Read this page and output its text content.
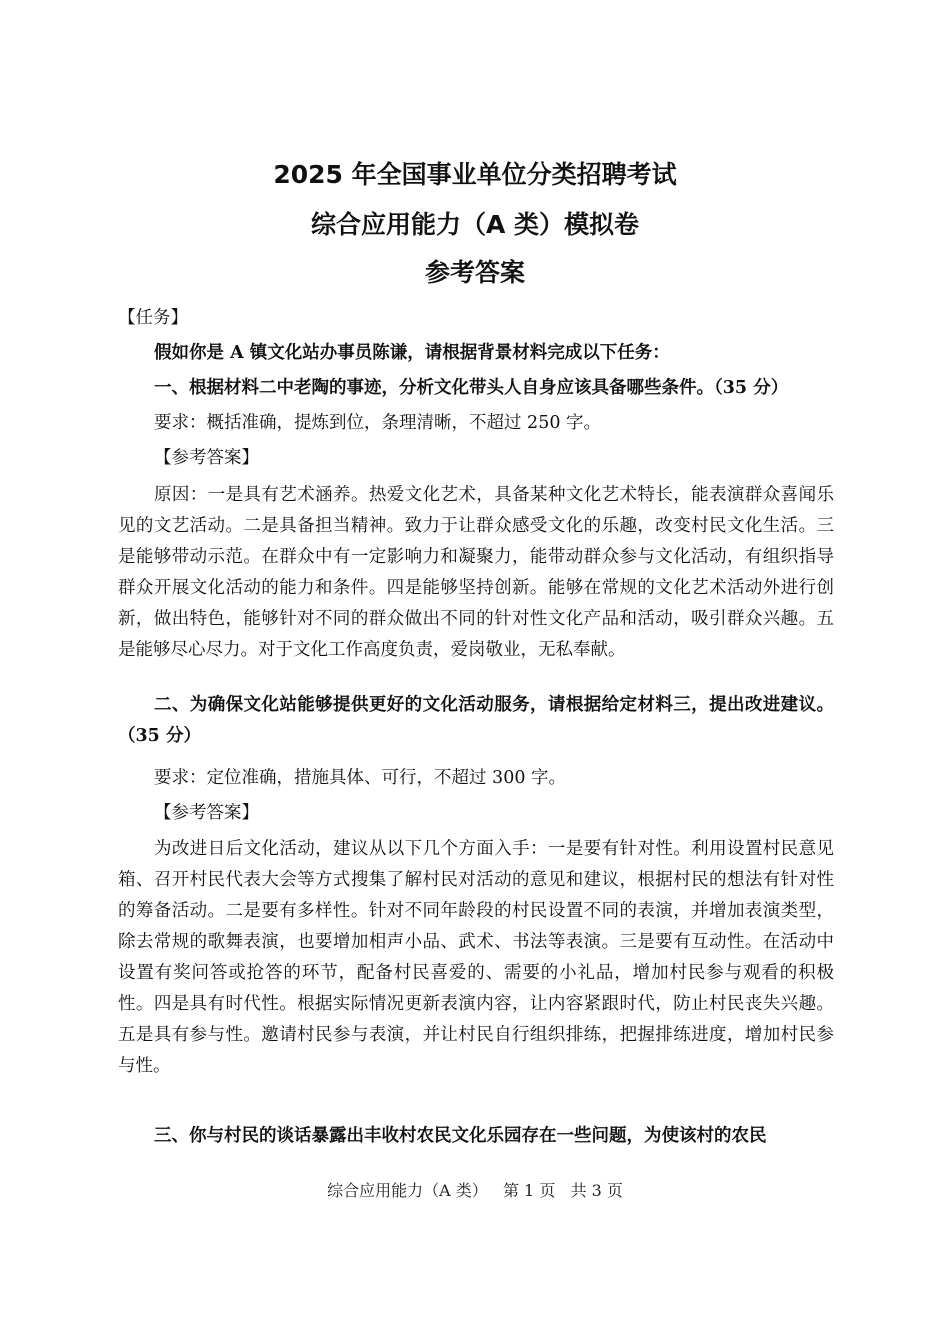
2025 年全国事业单位分类招聘考试
综合应用能力（A 类）模拟卷
参考答案
【任务】
假如你是 A 镇文化站办事员陈谦，请根据背景材料完成以下任务：
一、根据材料二中老陶的事迹，分析文化带头人自身应该具备哪些条件。（35 分）
要求：概括准确，提炼到位，条理清晰，不超过 250 字。
【参考答案】
原因：一是具有艺术涵养。热爱文化艺术，具备某种文化艺术特长，能表演群众喜闻乐见的文艺活动。二是具备担当精神。致力于让群众感受文化的乐趣，改变村民文化生活。三是能够带动示范。在群众中有一定影响力和凝聚力，能带动群众参与文化活动，有组织指导群众开展文化活动的能力和条件。四是能够坚持创新。能够在常规的文化艺术活动外进行创新，做出特色，能够针对不同的群众做出不同的针对性文化产品和活动，吸引群众兴趣。五是能够尽心尽力。对于文化工作高度负责，爱岗敬业，无私奉献。
二、为确保文化站能够提供更好的文化活动服务，请根据给定材料三，提出改进建议。（35 分）
要求：定位准确，措施具体、可行，不超过 300 字。
【参考答案】
为改进日后文化活动，建议从以下几个方面入手：一是要有针对性。利用设置村民意见箱、召开村民代表大会等方式搜集了解村民对活动的意见和建议，根据村民的想法有针对性的筹备活动。二是要有多样性。针对不同年龄段的村民设置不同的表演，并增加表演类型，除去常规的歌舞表演，也要增加相声小品、武术、书法等表演。三是要有互动性。在活动中设置有奖问答或抢答的环节，配备村民喜爱的、需要的小礼品，增加村民参与观看的积极性。四是具有时代性。根据实际情况更新表演内容，让内容紧跟时代，防止村民丧失兴趣。五是具有参与性。邀请村民参与表演，并让村民自行组织排练，把握排练进度，增加村民参与性。
三、你与村民的谈话暴露出丰收村农民文化乐园存在一些问题，为使该村的农民
综合应用能力（A 类）   第 1 页   共 3 页
